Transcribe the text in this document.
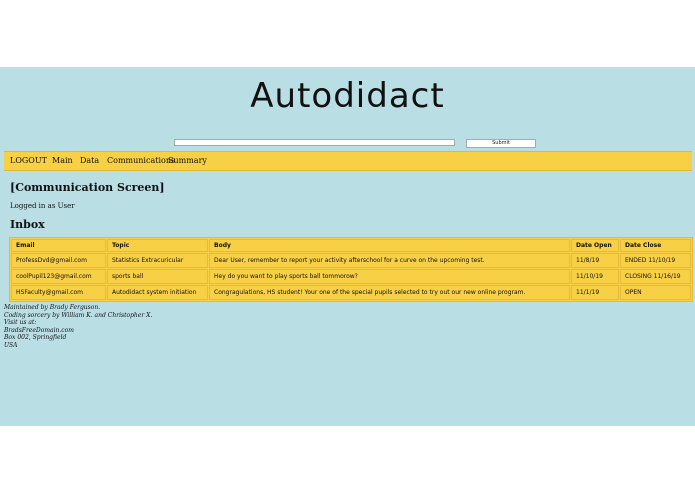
Autodidact
Submit
LOGOUT Main Data Communications
Summary
[Communication Screen]
Logged in as User
Inbox
Email	Topic	Body	Date Open	Date Close
ProfessDvd@gmail.com	Statistics Extracuricular	Dear User, remember to report your activity afterschool for a curve on the upcoming test.	11/8/19	ENDED 11/10/19
coolPupil123@gmail.com	sports ball	Hey do you want to play sports ball tommorow?	11/10/19	CLOSING 11/16/19
HSFaculty@gmail.com	Autodidact system initiation	Congragulations, HS student! Your one of the special pupils selected to try out our new online program.	11/1/19	OPEN
Maintained by Brady Ferguson.
Coding sorcery by William K. and Christopher X.
Visit us at:
BradsFreeDomain.com
Box 002, Springfield
USA
